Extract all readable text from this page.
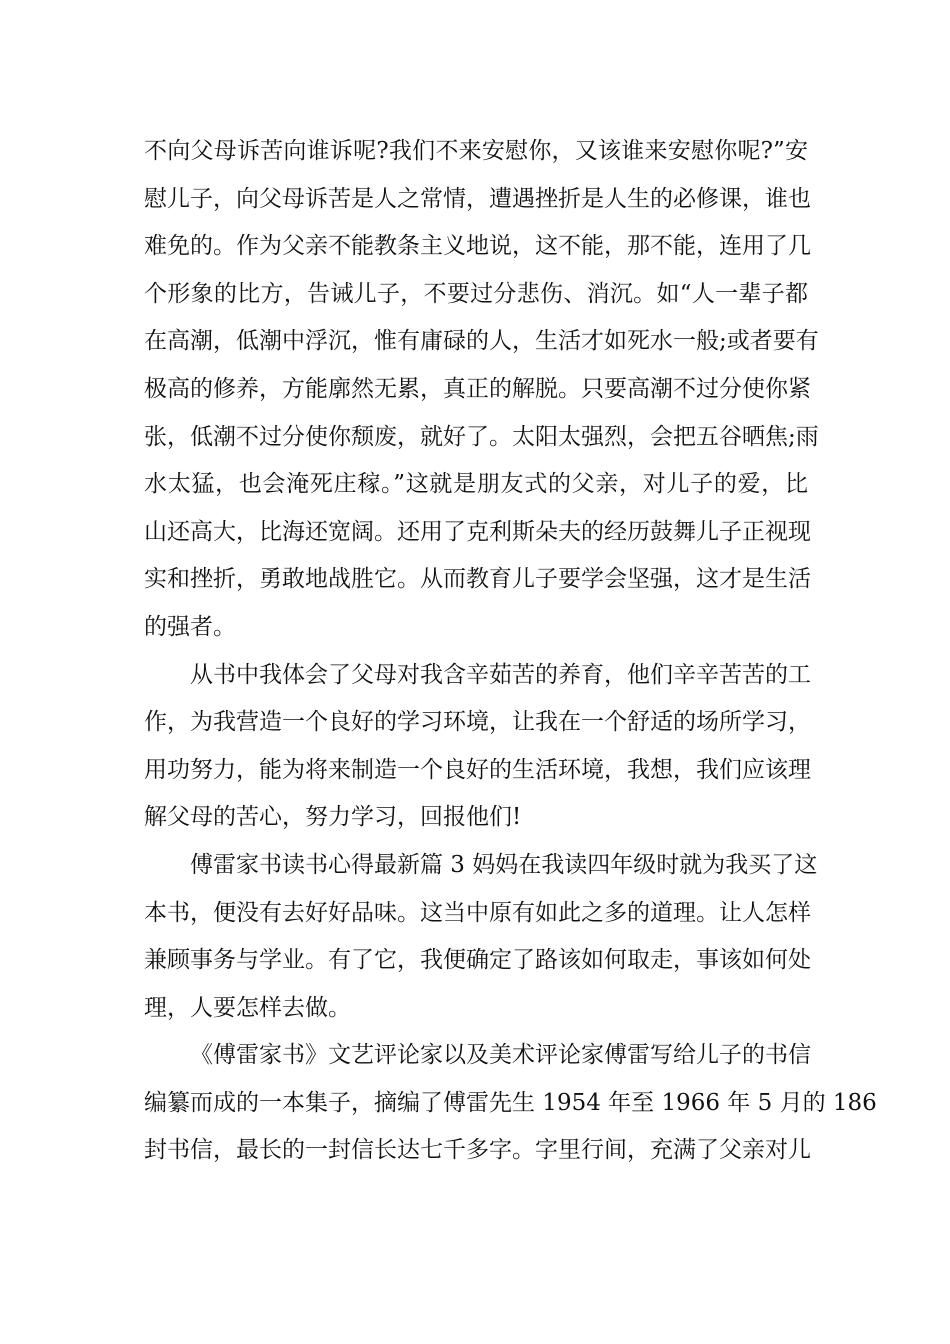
不向父母诉苦向谁诉呢?我们不来安慰你，又该谁来安慰你呢?”安
慰儿子，向父母诉苦是人之常情，遭遇挫折是人生的必修课，谁也
难免的。作为父亲不能教条主义地说，这不能，那不能，连用了几
个形象的比方，告诫儿子，不要过分悲伤、消沉。如“人一辈子都
在高潮，低潮中浮沉，惟有庸碌的人，生活才如死水一般;或者要有
极高的修养，方能廓然无累，真正的解脱。只要高潮不过分使你紧
张，低潮不过分使你颓废，就好了。太阳太强烈，会把五谷晒焦;雨
水太猛，也会淹死庄稼。”这就是朋友式的父亲，对儿子的爱，比
山还高大，比海还宽阔。还用了克利斯朵夫的经历鼓舞儿子正视现
实和挫折，勇敢地战胜它。从而教育儿子要学会坚强，这才是生活
的强者。
从书中我体会了父母对我含辛茹苦的养育，他们辛辛苦苦的工
作，为我营造一个良好的学习环境，让我在一个舒适的场所学习，
用功努力，能为将来制造一个良好的生活环境，我想，我们应该理
解父母的苦心，努力学习，回报他们!
傅雷家书读书心得最新篇 3 妈妈在我读四年级时就为我买了这
本书，便没有去好好品味。这当中原有如此之多的道理。让人怎样
兼顾事务与学业。有了它，我便确定了路该如何取走，事该如何处
理，人要怎样去做。
《傅雷家书》文艺评论家以及美术评论家傅雷写给儿子的书信
编纂而成的一本集子，摘编了傅雷先生 1954 年至 1966 年 5 月的 186
封书信，最长的一封信长达七千多字。字里行间，充满了父亲对儿
